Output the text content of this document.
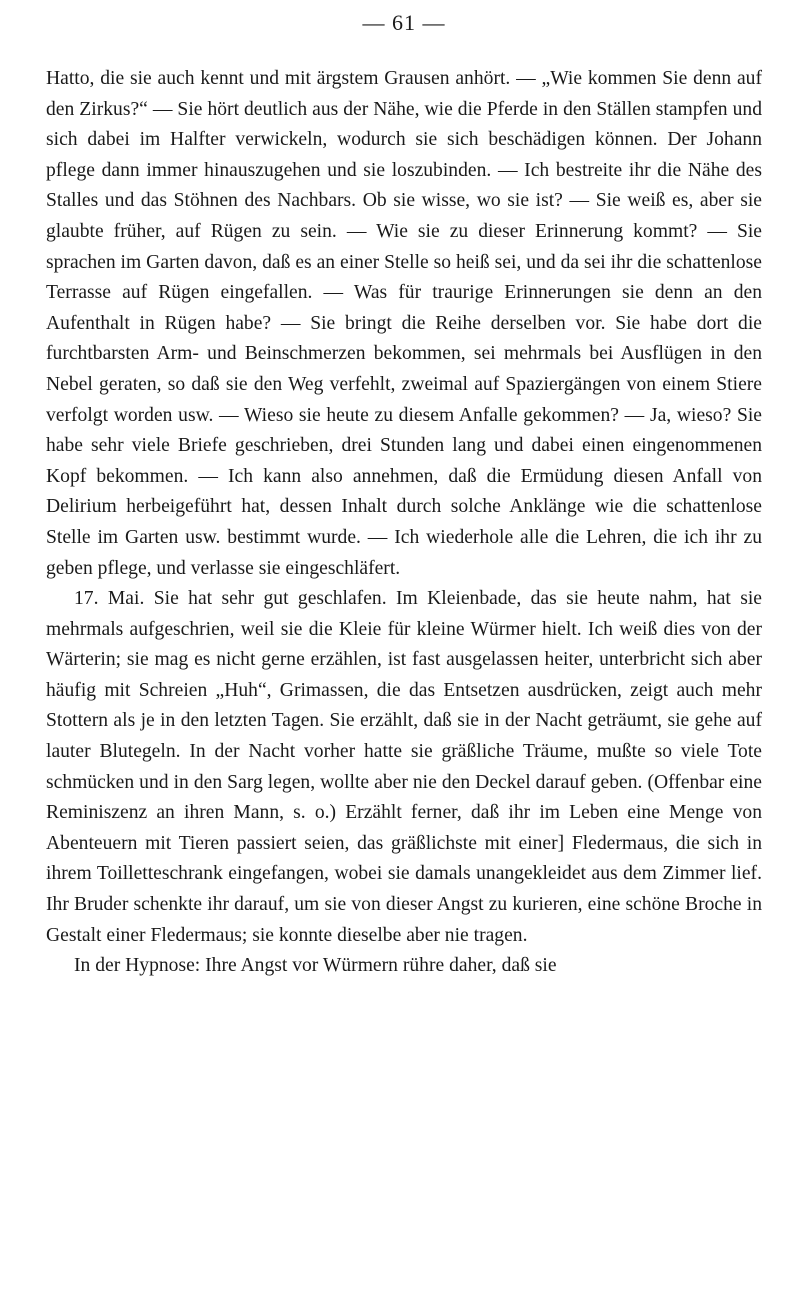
— 61 —

Hatto, die sie auch kennt und mit ärgstem Grausen anhört. — „Wie kommen Sie denn auf den Zirkus?“ — Sie hört deutlich aus der Nähe, wie die Pferde in den Ställen stampfen und sich dabei im Halfter verwickeln, wodurch sie sich beschädigen können. Der Johann pflege dann immer hinauszugehen und sie loszubinden. — Ich bestreite ihr die Nähe des Stalles und das Stöhnen des Nachbars. Ob sie wisse, wo sie ist? — Sie weiß es, aber sie glaubte früher, auf Rügen zu sein. — Wie sie zu dieser Erinnerung kommt? — Sie sprachen im Garten davon, daß es an einer Stelle so heiß sei, und da sei ihr die schattenlose Terrasse auf Rügen eingefallen. — Was für traurige Erinnerungen sie denn an den Aufenthalt in Rügen habe? — Sie bringt die Reihe derselben vor. Sie habe dort die furchtbarsten Arm- und Beinschmerzen bekommen, sei mehrmals bei Ausflügen in den Nebel geraten, so daß sie den Weg verfehlt, zweimal auf Spaziergängen von einem Stiere verfolgt worden usw. — Wieso sie heute zu diesem Anfalle gekommen? — Ja, wieso? Sie habe sehr viele Briefe geschrieben, drei Stunden lang und dabei einen eingenommenen Kopf bekommen. — Ich kann also annehmen, daß die Ermüdung diesen Anfall von Delirium herbeigeführt hat, dessen Inhalt durch solche Anklänge wie die schattenlose Stelle im Garten usw. bestimmt wurde. — Ich wiederhole alle die Lehren, die ich ihr zu geben pflege, und verlasse sie eingeschläfert.

17. Mai. Sie hat sehr gut geschlafen. Im Kleienbade, das sie heute nahm, hat sie mehrmals aufgeschrien, weil sie die Kleie für kleine Würmer hielt. Ich weiß dies von der Wärterin; sie mag es nicht gerne erzählen, ist fast ausgelassen heiter, unterbricht sich aber häufig mit Schreien „Huh“, Grimassen, die das Entsetzen ausdrücken, zeigt auch mehr Stottern als je in den letzten Tagen. Sie erzählt, daß sie in der Nacht geträumt, sie gehe auf lauter Blutegeln. In der Nacht vorher hatte sie gräßliche Träume, mußte so viele Tote schmücken und in den Sarg legen, wollte aber nie den Deckel darauf geben. (Offenbar eine Reminiszenz an ihren Mann, s. o.) Erzählt ferner, daß ihr im Leben eine Menge von Abenteuern mit Tieren passiert seien, das gräßlichste mit einer] Fledermaus, die sich in ihrem Toilletteschrank eingefangen, wobei sie damals unangekleidet aus dem Zimmer lief. Ihr Bruder schenkte ihr darauf, um sie von dieser Angst zu kurieren, eine schöne Broche in Gestalt einer Fledermaus; sie konnte dieselbe aber nie tragen.

In der Hypnose: Ihre Angst vor Würmern rühre daher, daß sie
